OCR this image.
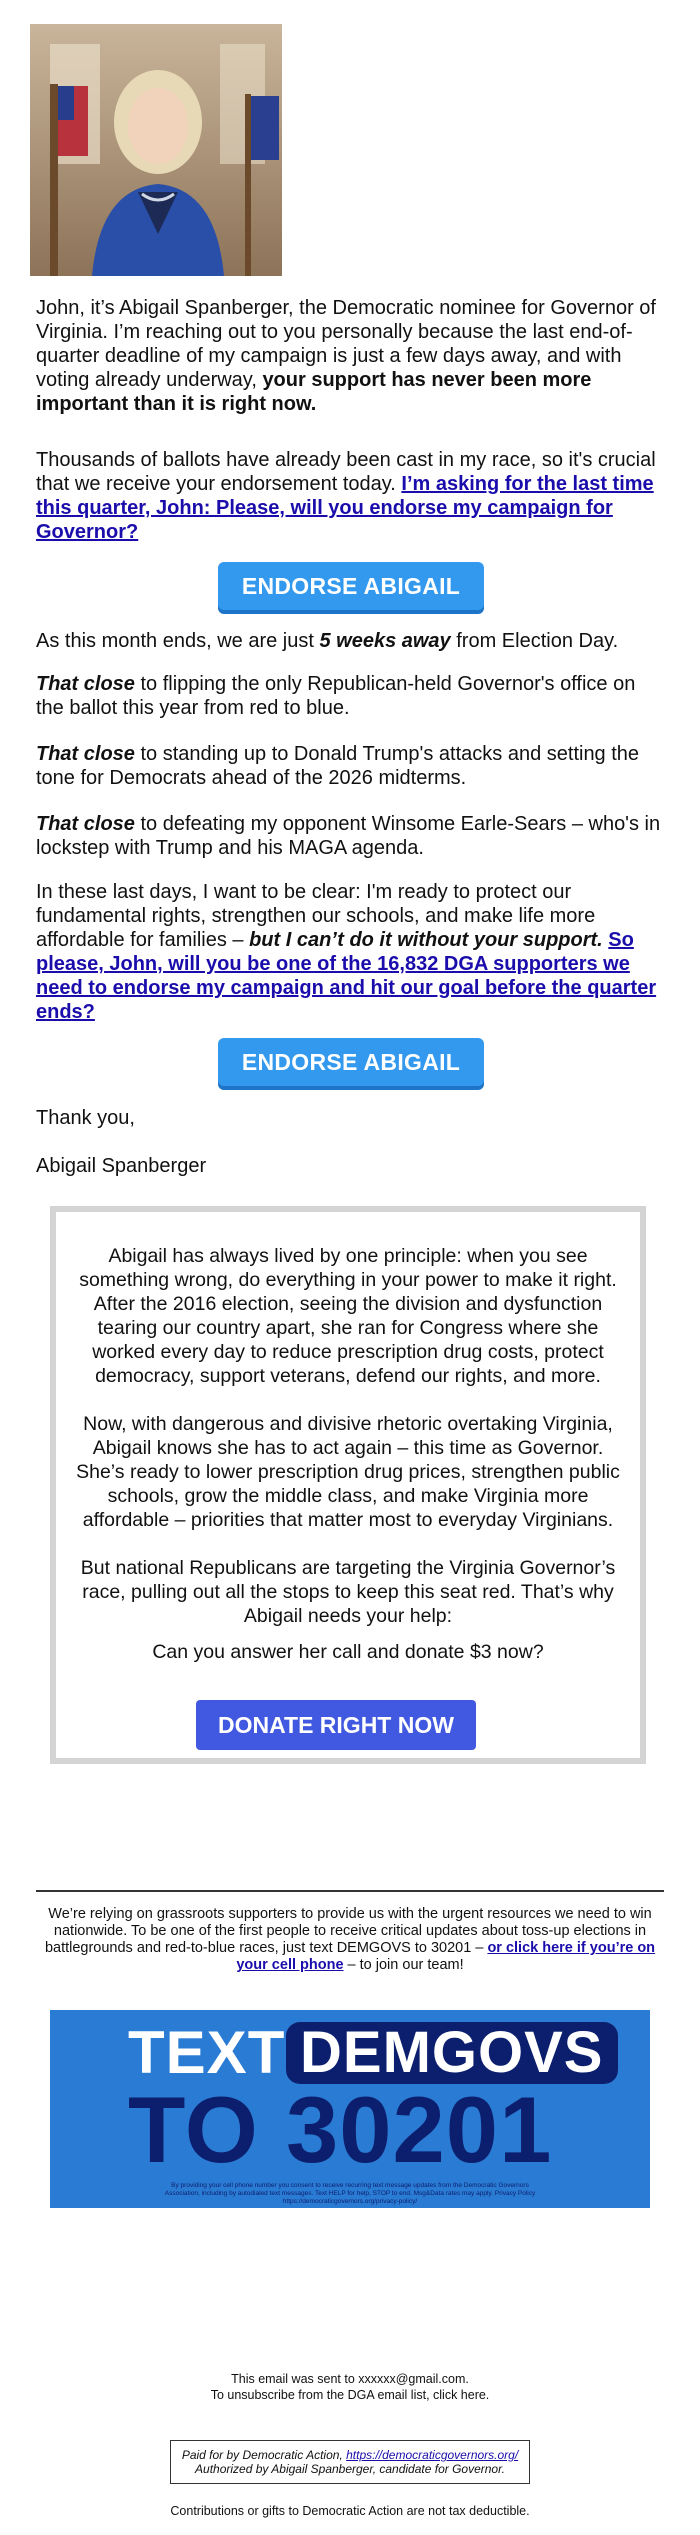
John, it’s Abigail Spanberger, the Democratic nominee for Governor of Virginia. I’m reaching out to you personally because the last end-of-quarter deadline of my campaign is just a few days away, and with voting already underway, your support has never been more important than it is right now.

Thousands of ballots have already been cast in my race, so it's crucial that we receive your endorsement today. I’m asking for the last time this quarter, John: Please, will you endorse my campaign for Governor?

ENDORSE ABIGAIL

As this month ends, we are just 5 weeks away from Election Day.

That close to flipping the only Republican-held Governor's office on the ballot this year from red to blue.

That close to standing up to Donald Trump's attacks and setting the tone for Democrats ahead of the 2026 midterms.

That close to defeating my opponent Winsome Earle-Sears – who's in lockstep with Trump and his MAGA agenda.

In these last days, I want to be clear: I'm ready to protect our fundamental rights, strengthen our schools, and make life more affordable for families – but I can’t do it without your support. So please, John, will you be one of the 16,832 DGA supporters we need to endorse my campaign and hit our goal before the quarter ends?

ENDORSE ABIGAIL

Thank you,

Abigail Spanberger

Abigail has always lived by one principle: when you see something wrong, do everything in your power to make it right. After the 2016 election, seeing the division and dysfunction tearing our country apart, she ran for Congress where she worked every day to reduce prescription drug costs, protect democracy, support veterans, defend our rights, and more.

Now, with dangerous and divisive rhetoric overtaking Virginia, Abigail knows she has to act again – this time as Governor. She’s ready to lower prescription drug prices, strengthen public schools, grow the middle class, and make Virginia more affordable – priorities that matter most to everyday Virginians.

But national Republicans are targeting the Virginia Governor’s race, pulling out all the stops to keep this seat red. That’s why Abigail needs your help:

Can you answer her call and donate $3 now?

DONATE RIGHT NOW

We’re relying on grassroots supporters to provide us with the urgent resources we need to win nationwide. To be one of the first people to receive critical updates about toss-up elections in battlegrounds and red-to-blue races, just text DEMGOVS to 30201 – or click here if you’re on your cell phone – to join our team!

TEXT DEMGOVS
TO 30201

By providing your cell phone number you consent to receive recurring text message updates from the Democratic Governors Association, including by autodialed text messages. Text HELP for help, STOP to end. Msg&Data rates may apply. Privacy Policy https://democraticgovernors.org/privacy-policy/

This email was sent to xxxxxx@gmail.com.

To unsubscribe from the DGA email list, click here.

Paid for by Democratic Action, https://democraticgovernors.org/
Authorized by Abigail Spanberger, candidate for Governor.

Contributions or gifts to Democratic Action are not tax deductible.
